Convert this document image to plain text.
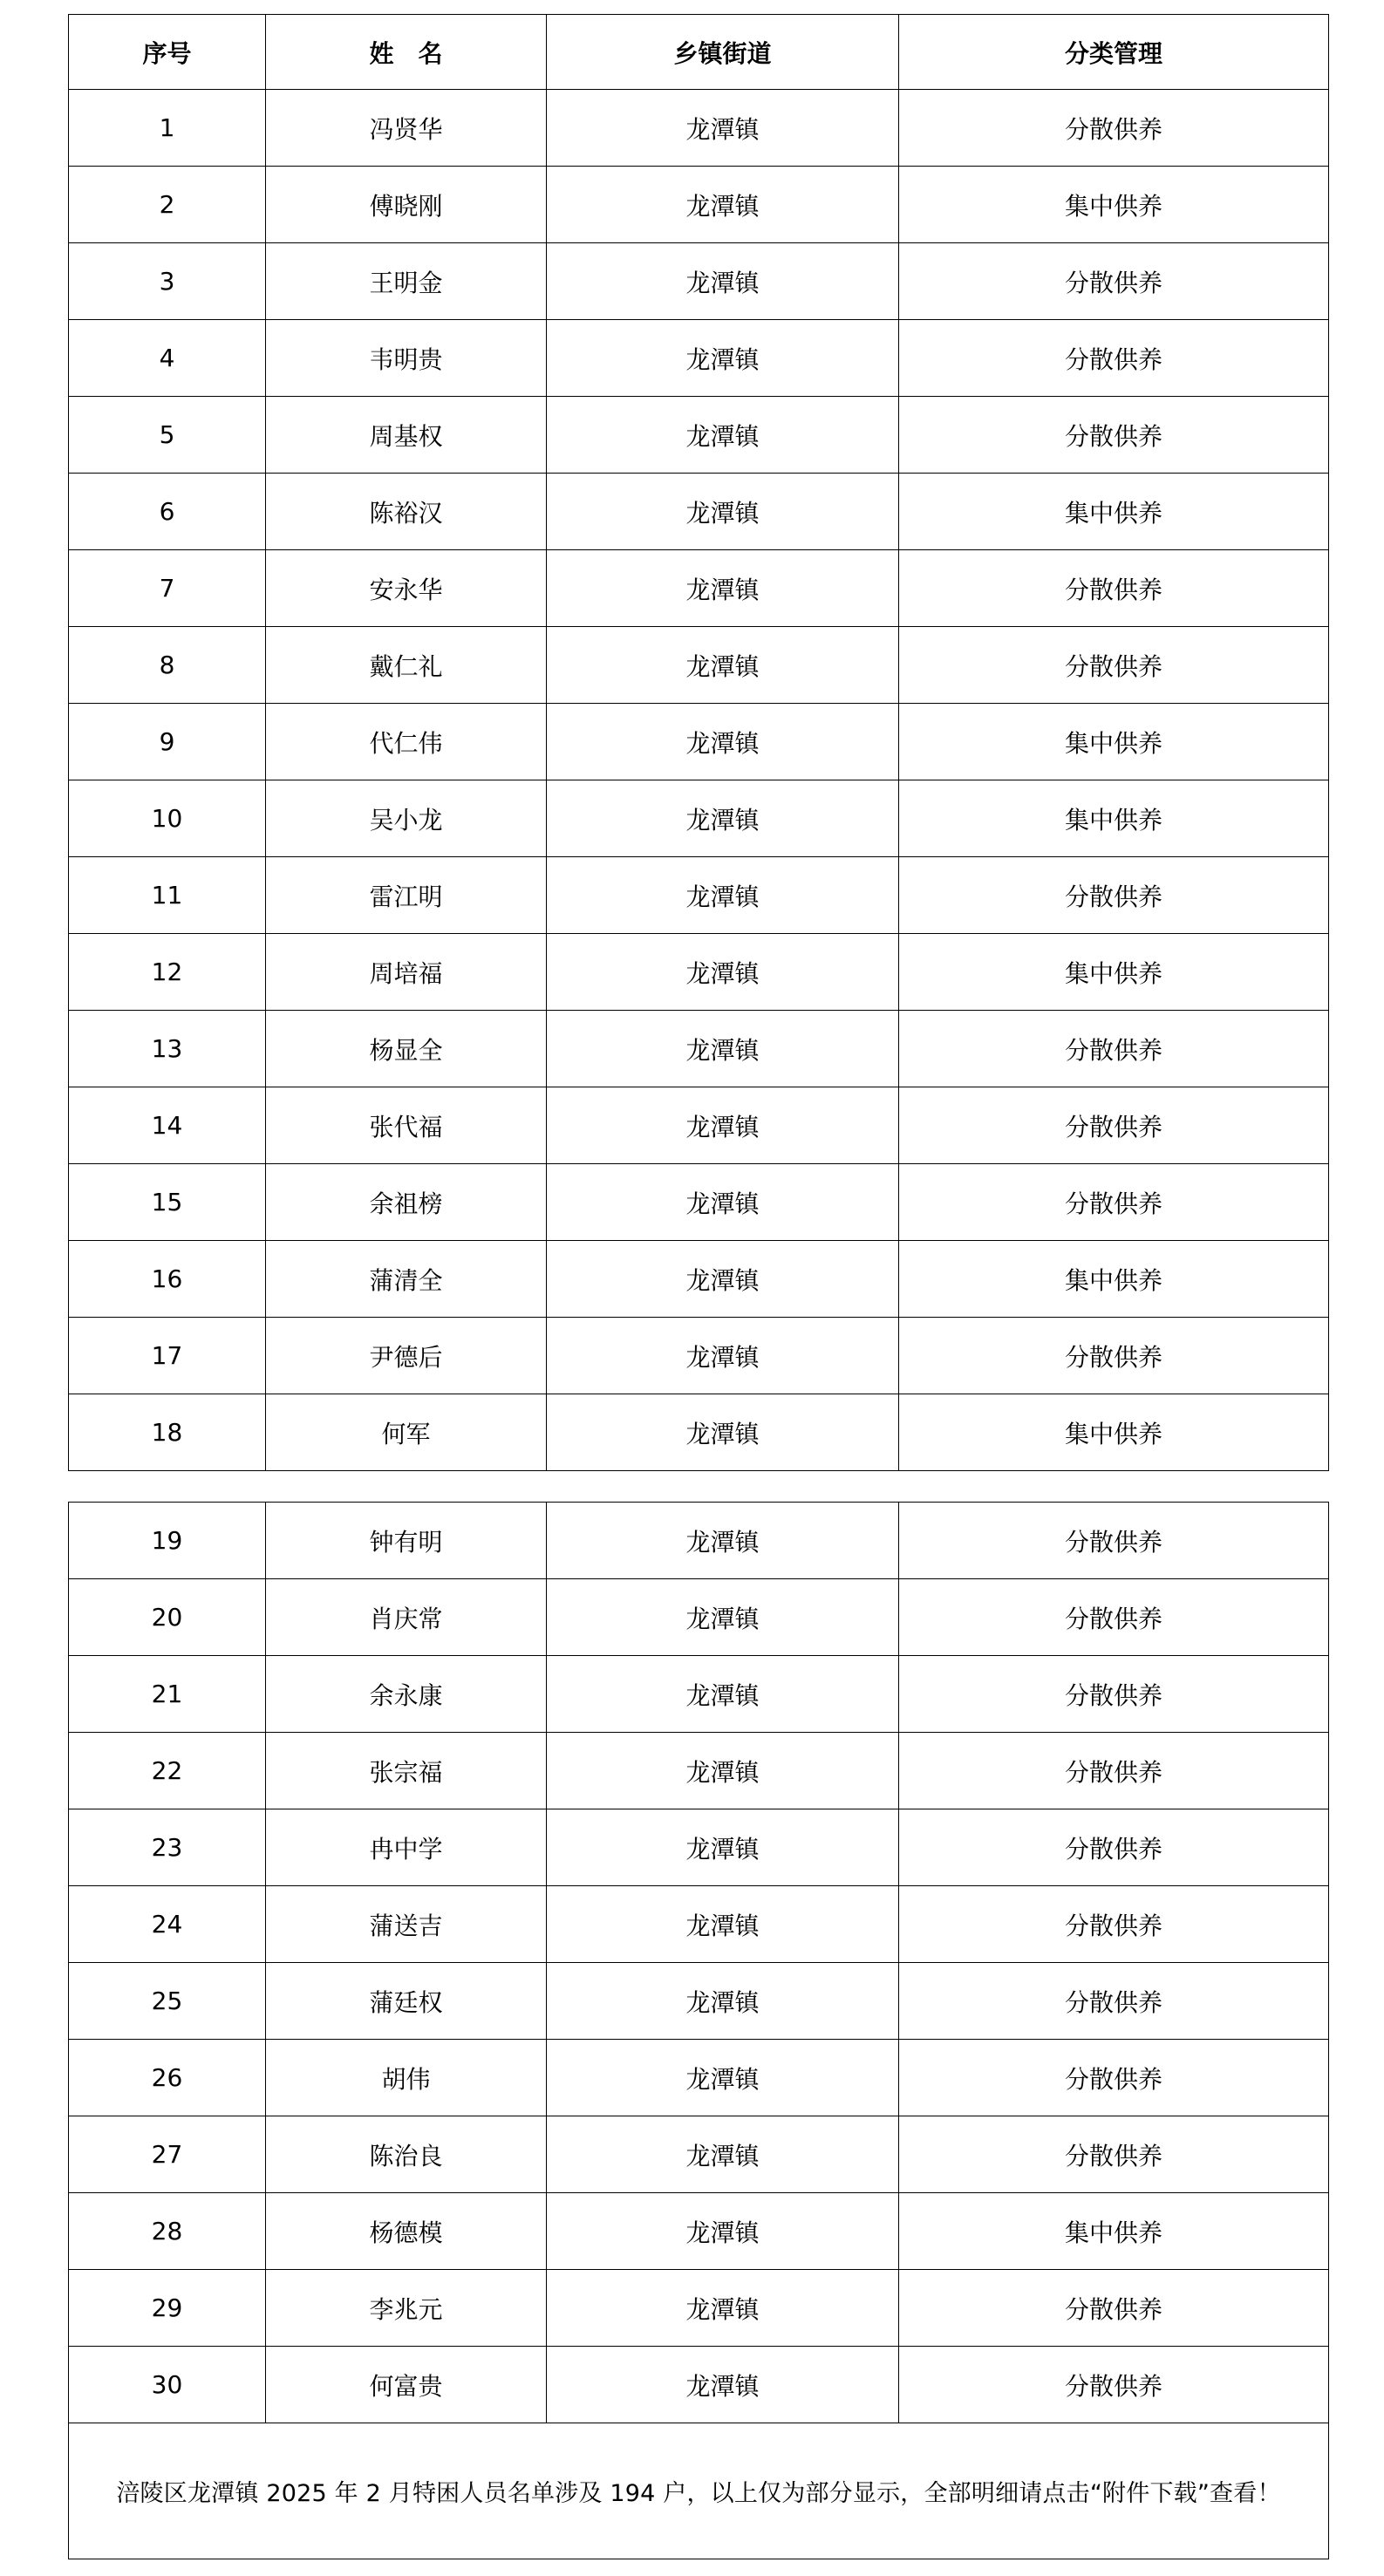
序号	姓　名	乡镇街道	分类管理
1	冯贤华	龙潭镇	分散供养
2	傅晓刚	龙潭镇	集中供养
3	王明金	龙潭镇	分散供养
4	韦明贵	龙潭镇	分散供养
5	周基权	龙潭镇	分散供养
6	陈裕汉	龙潭镇	集中供养
7	安永华	龙潭镇	分散供养
8	戴仁礼	龙潭镇	分散供养
9	代仁伟	龙潭镇	集中供养
10	吴小龙	龙潭镇	集中供养
11	雷江明	龙潭镇	分散供养
12	周培福	龙潭镇	集中供养
13	杨显全	龙潭镇	分散供养
14	张代福	龙潭镇	分散供养
15	余祖榜	龙潭镇	分散供养
16	蒲清全	龙潭镇	集中供养
17	尹德后	龙潭镇	分散供养
18	何军	龙潭镇	集中供养
19	钟有明	龙潭镇	分散供养
20	肖庆常	龙潭镇	分散供养
21	余永康	龙潭镇	分散供养
22	张宗福	龙潭镇	分散供养
23	冉中学	龙潭镇	分散供养
24	蒲送吉	龙潭镇	分散供养
25	蒲廷权	龙潭镇	分散供养
26	胡伟	龙潭镇	分散供养
27	陈治良	龙潭镇	分散供养
28	杨德模	龙潭镇	集中供养
29	李兆元	龙潭镇	分散供养
30	何富贵	龙潭镇	分散供养
涪陵区龙潭镇 2025 年 2 月特困人员名单涉及 194 户，以上仅为部分显示，全部明细请点击“附件下载”查看！			
